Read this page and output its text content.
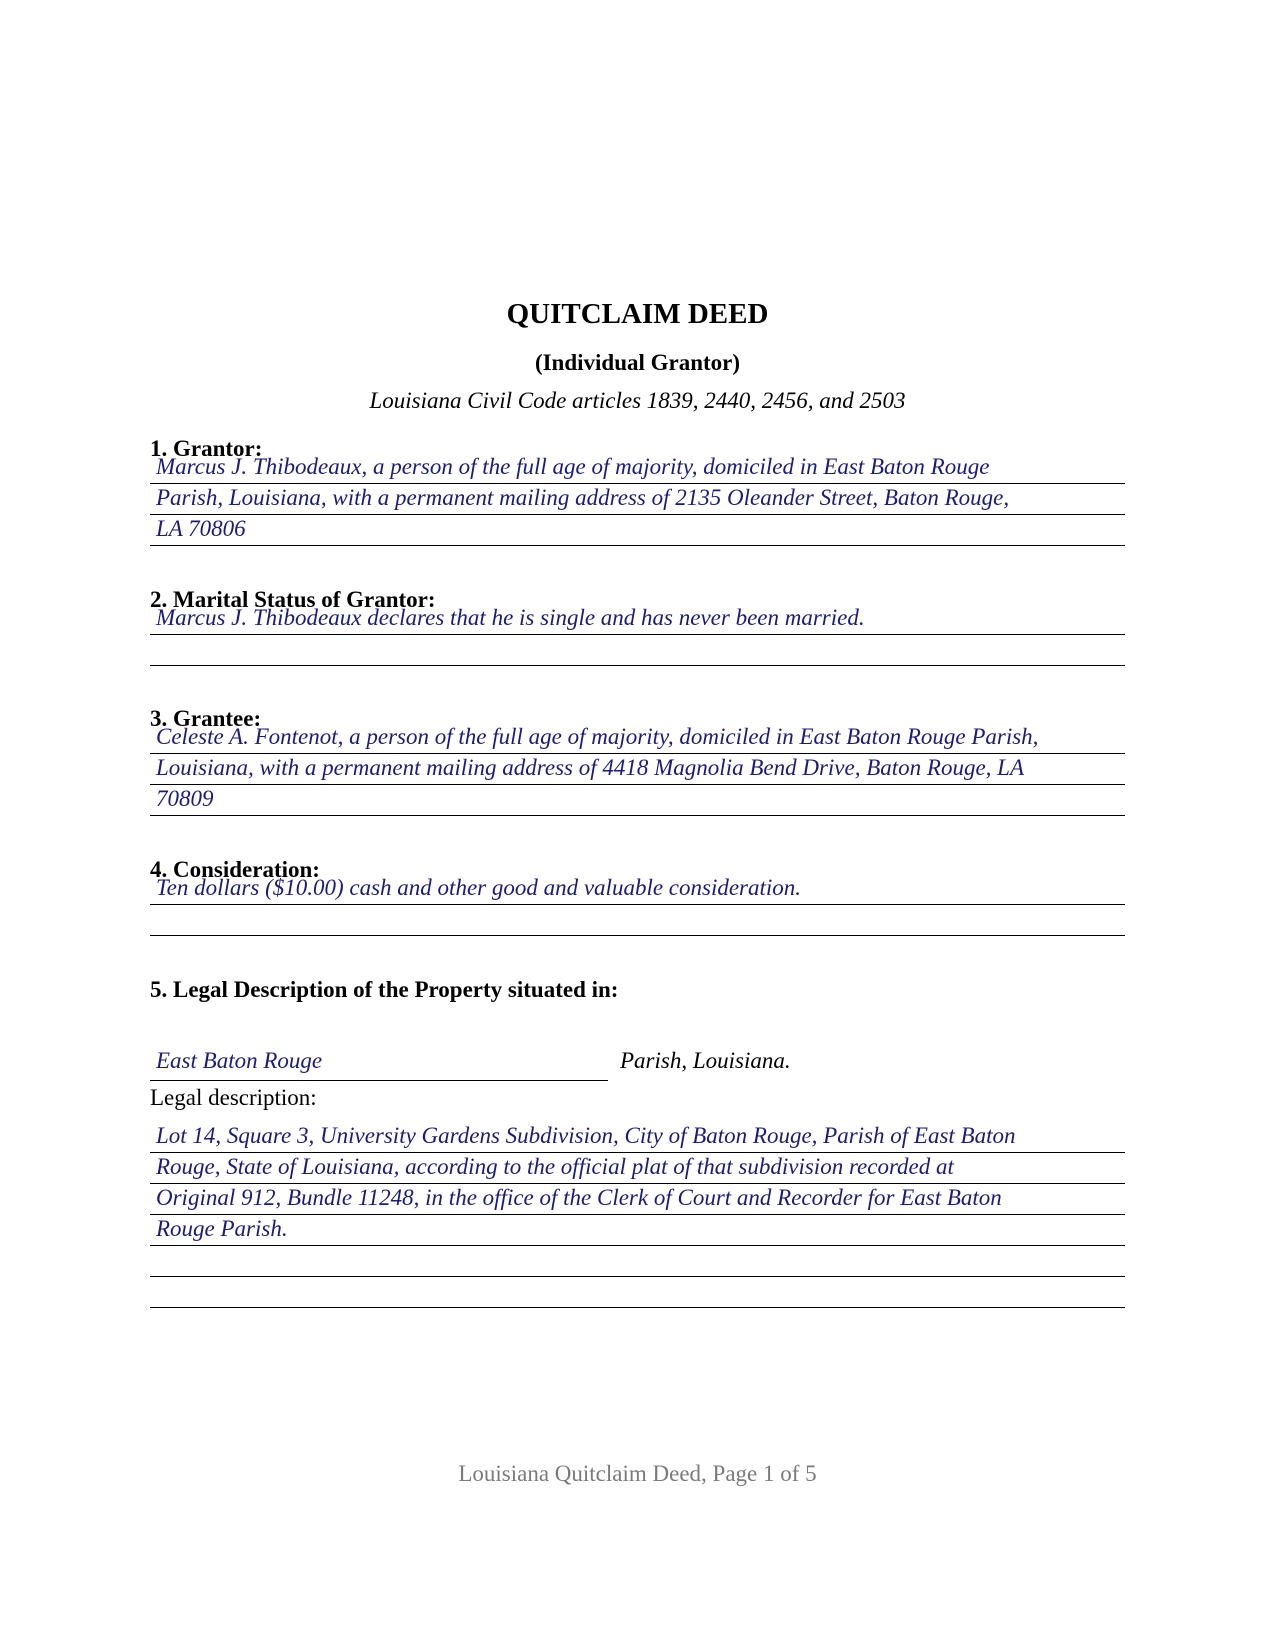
QUITCLAIM DEED
(Individual Grantor)
Louisiana Civil Code articles 1839, 2440, 2456, and 2503
1. Grantor:
Marcus J. Thibodeaux, a person of the full age of majority, domiciled in East Baton Rouge
Parish, Louisiana, with a permanent mailing address of 2135 Oleander Street, Baton Rouge,
LA 70806
2. Marital Status of Grantor:
Marcus J. Thibodeaux declares that he is single and has never been married.
3. Grantee:
Celeste A. Fontenot, a person of the full age of majority, domiciled in East Baton Rouge Parish,
Louisiana, with a permanent mailing address of 4418 Magnolia Bend Drive, Baton Rouge, LA
70809
4. Consideration:
Ten dollars ($10.00) cash and other good and valuable consideration.
5. Legal Description of the Property situated in:
East Baton Rouge	Parish, Louisiana.
Legal description:
Lot 14, Square 3, University Gardens Subdivision, City of Baton Rouge, Parish of East Baton
Rouge, State of Louisiana, according to the official plat of that subdivision recorded at
Original 912, Bundle 11248, in the office of the Clerk of Court and Recorder for East Baton
Rouge Parish.
Louisiana Quitclaim Deed, Page 1 of 5
